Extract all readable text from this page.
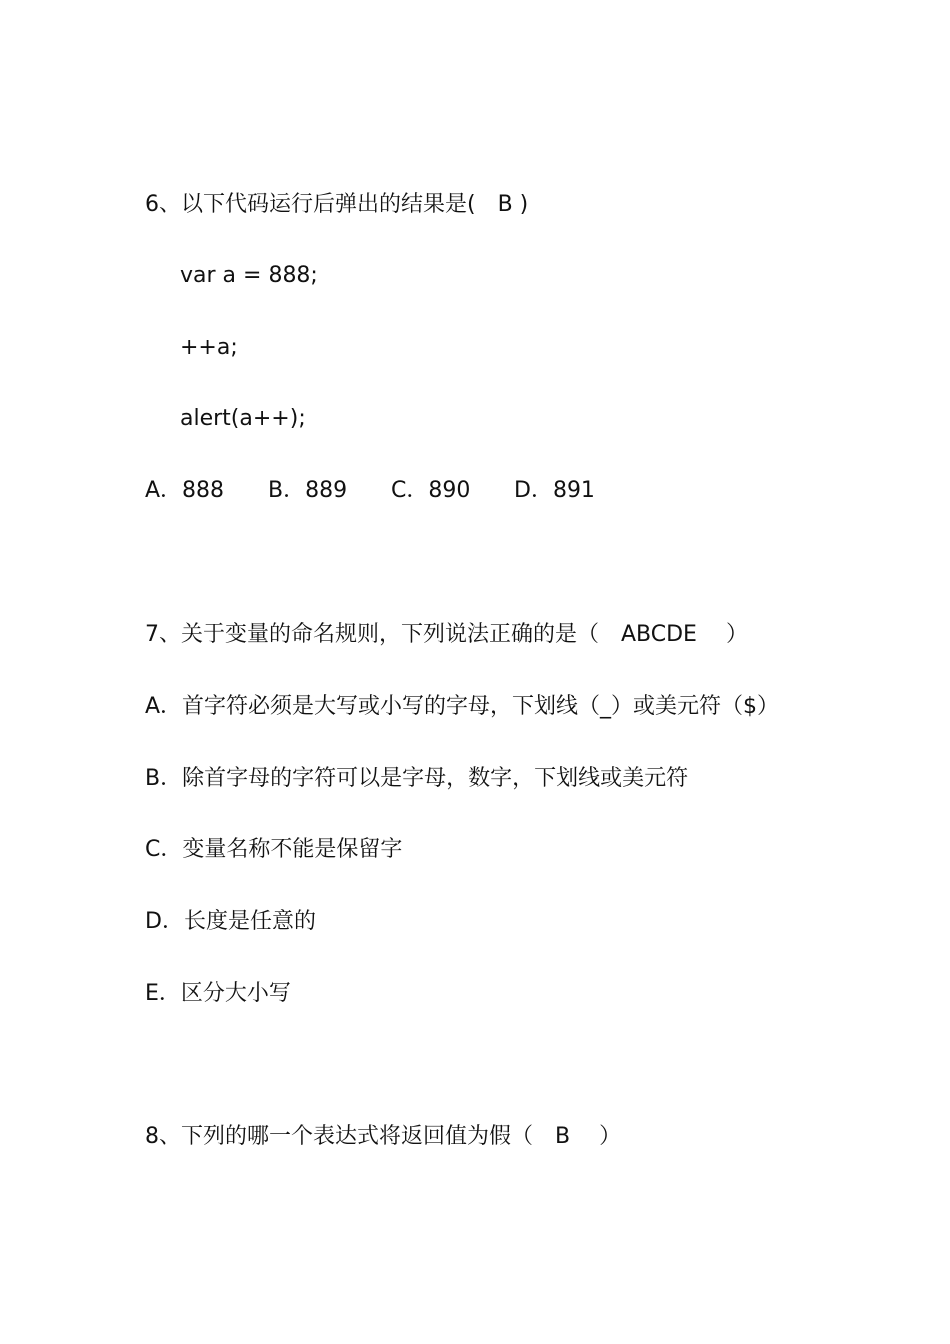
6、以下代码运行后弹出的结果是(　B )
var a = 888;
++a;
alert(a++);
A．888 B．889 C．890 D．891
7、关于变量的命名规则，下列说法正确的是（　ABCDE　 ）
A．首字符必须是大写或小写的字母，下划线（_）或美元符（$）
B．除首字母的字符可以是字母，数字，下划线或美元符
C．变量名称不能是保留字
D．长度是任意的
E．区分大小写
8、下列的哪一个表达式将返回值为假（　B　 ）
